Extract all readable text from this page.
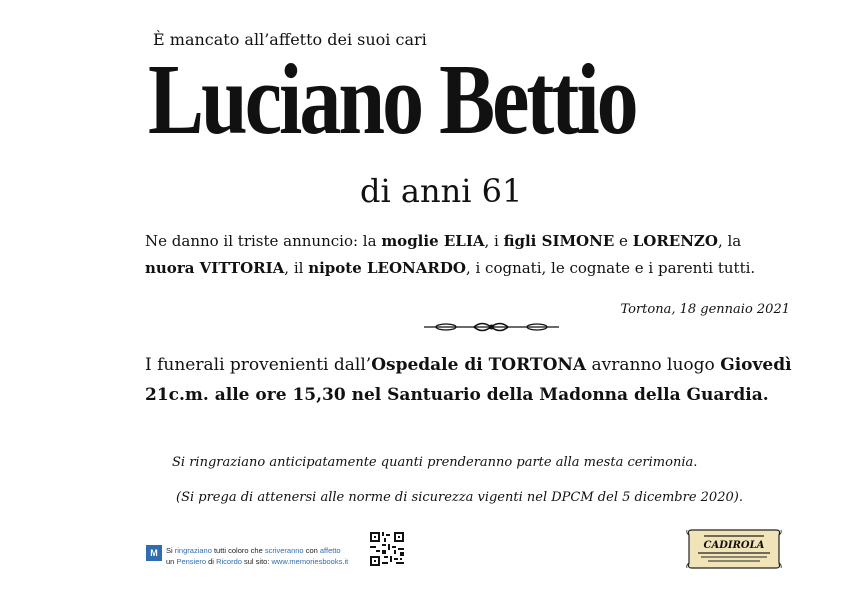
È mancato all’affetto dei suoi cari
Luciano Bettio
di anni 61
Ne danno il triste annuncio: la moglie ELIA, i figli SIMONE e LORENZO, la nuora VITTORIA, il nipote LEONARDO, i cognati, le cognate e i parenti tutti.
Tortona, 18 gennaio 2021
I funerali provenienti dall’Ospedale di TORTONA avranno luogo Giovedì 21c.m. alle ore 15,30 nel Santuario della Madonna della Guardia.
Si ringraziano anticipatamente quanti prenderanno parte alla mesta cerimonia.
(Si prega di attenersi alle norme di sicurezza vigenti nel DPCM del 5 dicembre 2020).
M	Si ringraziano tutti coloro che scriveranno con affetto
un Pensiero di Ricordo sul sito: www.memoriesbooks.it
CADIROLA
